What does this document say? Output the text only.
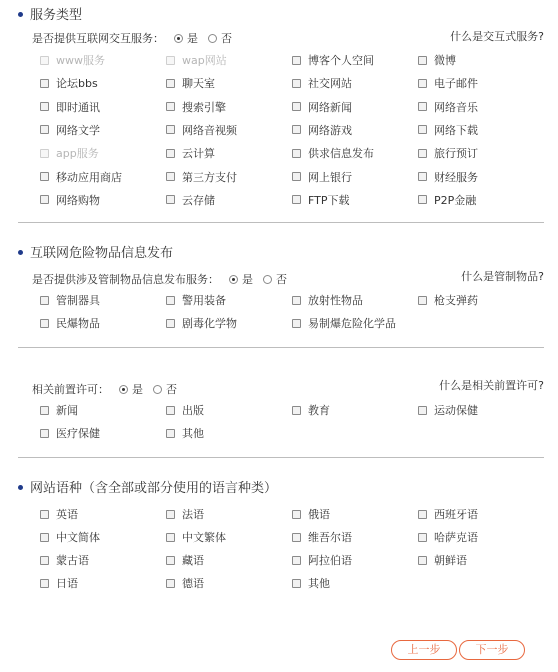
服务类型
是否提供互联网交互服务： 是 否	什么是交互式服务?
www服务	wap网站	博客个人空间	微博
论坛bbs	聊天室	社交网站	电子邮件
即时通讯	搜索引擎	网络新闻	网络音乐
网络文学	网络音视频	网络游戏	网络下载
app服务	云计算	供求信息发布	旅行预订
移动应用商店	第三方支付	网上银行	财经服务
网络购物	云存储	FTP下载	P2P金融
互联网危险物品信息发布
是否提供涉及管制物品信息发布服务： 是 否	什么是管制物品?
管制器具	警用装备	放射性物品	枪支弹药
民爆物品	剧毒化学物	易制爆危险化学品
相关前置许可： 是 否	什么是相关前置许可?
新闻	出版	教育	运动保健
医疗保健	其他
网站语种（含全部或部分使用的语言种类）
英语	法语	俄语	西班牙语
中文简体	中文繁体	维吾尔语	哈萨克语
蒙古语	藏语	阿拉伯语	朝鲜语
日语	德语	其他
上一步	下一步
